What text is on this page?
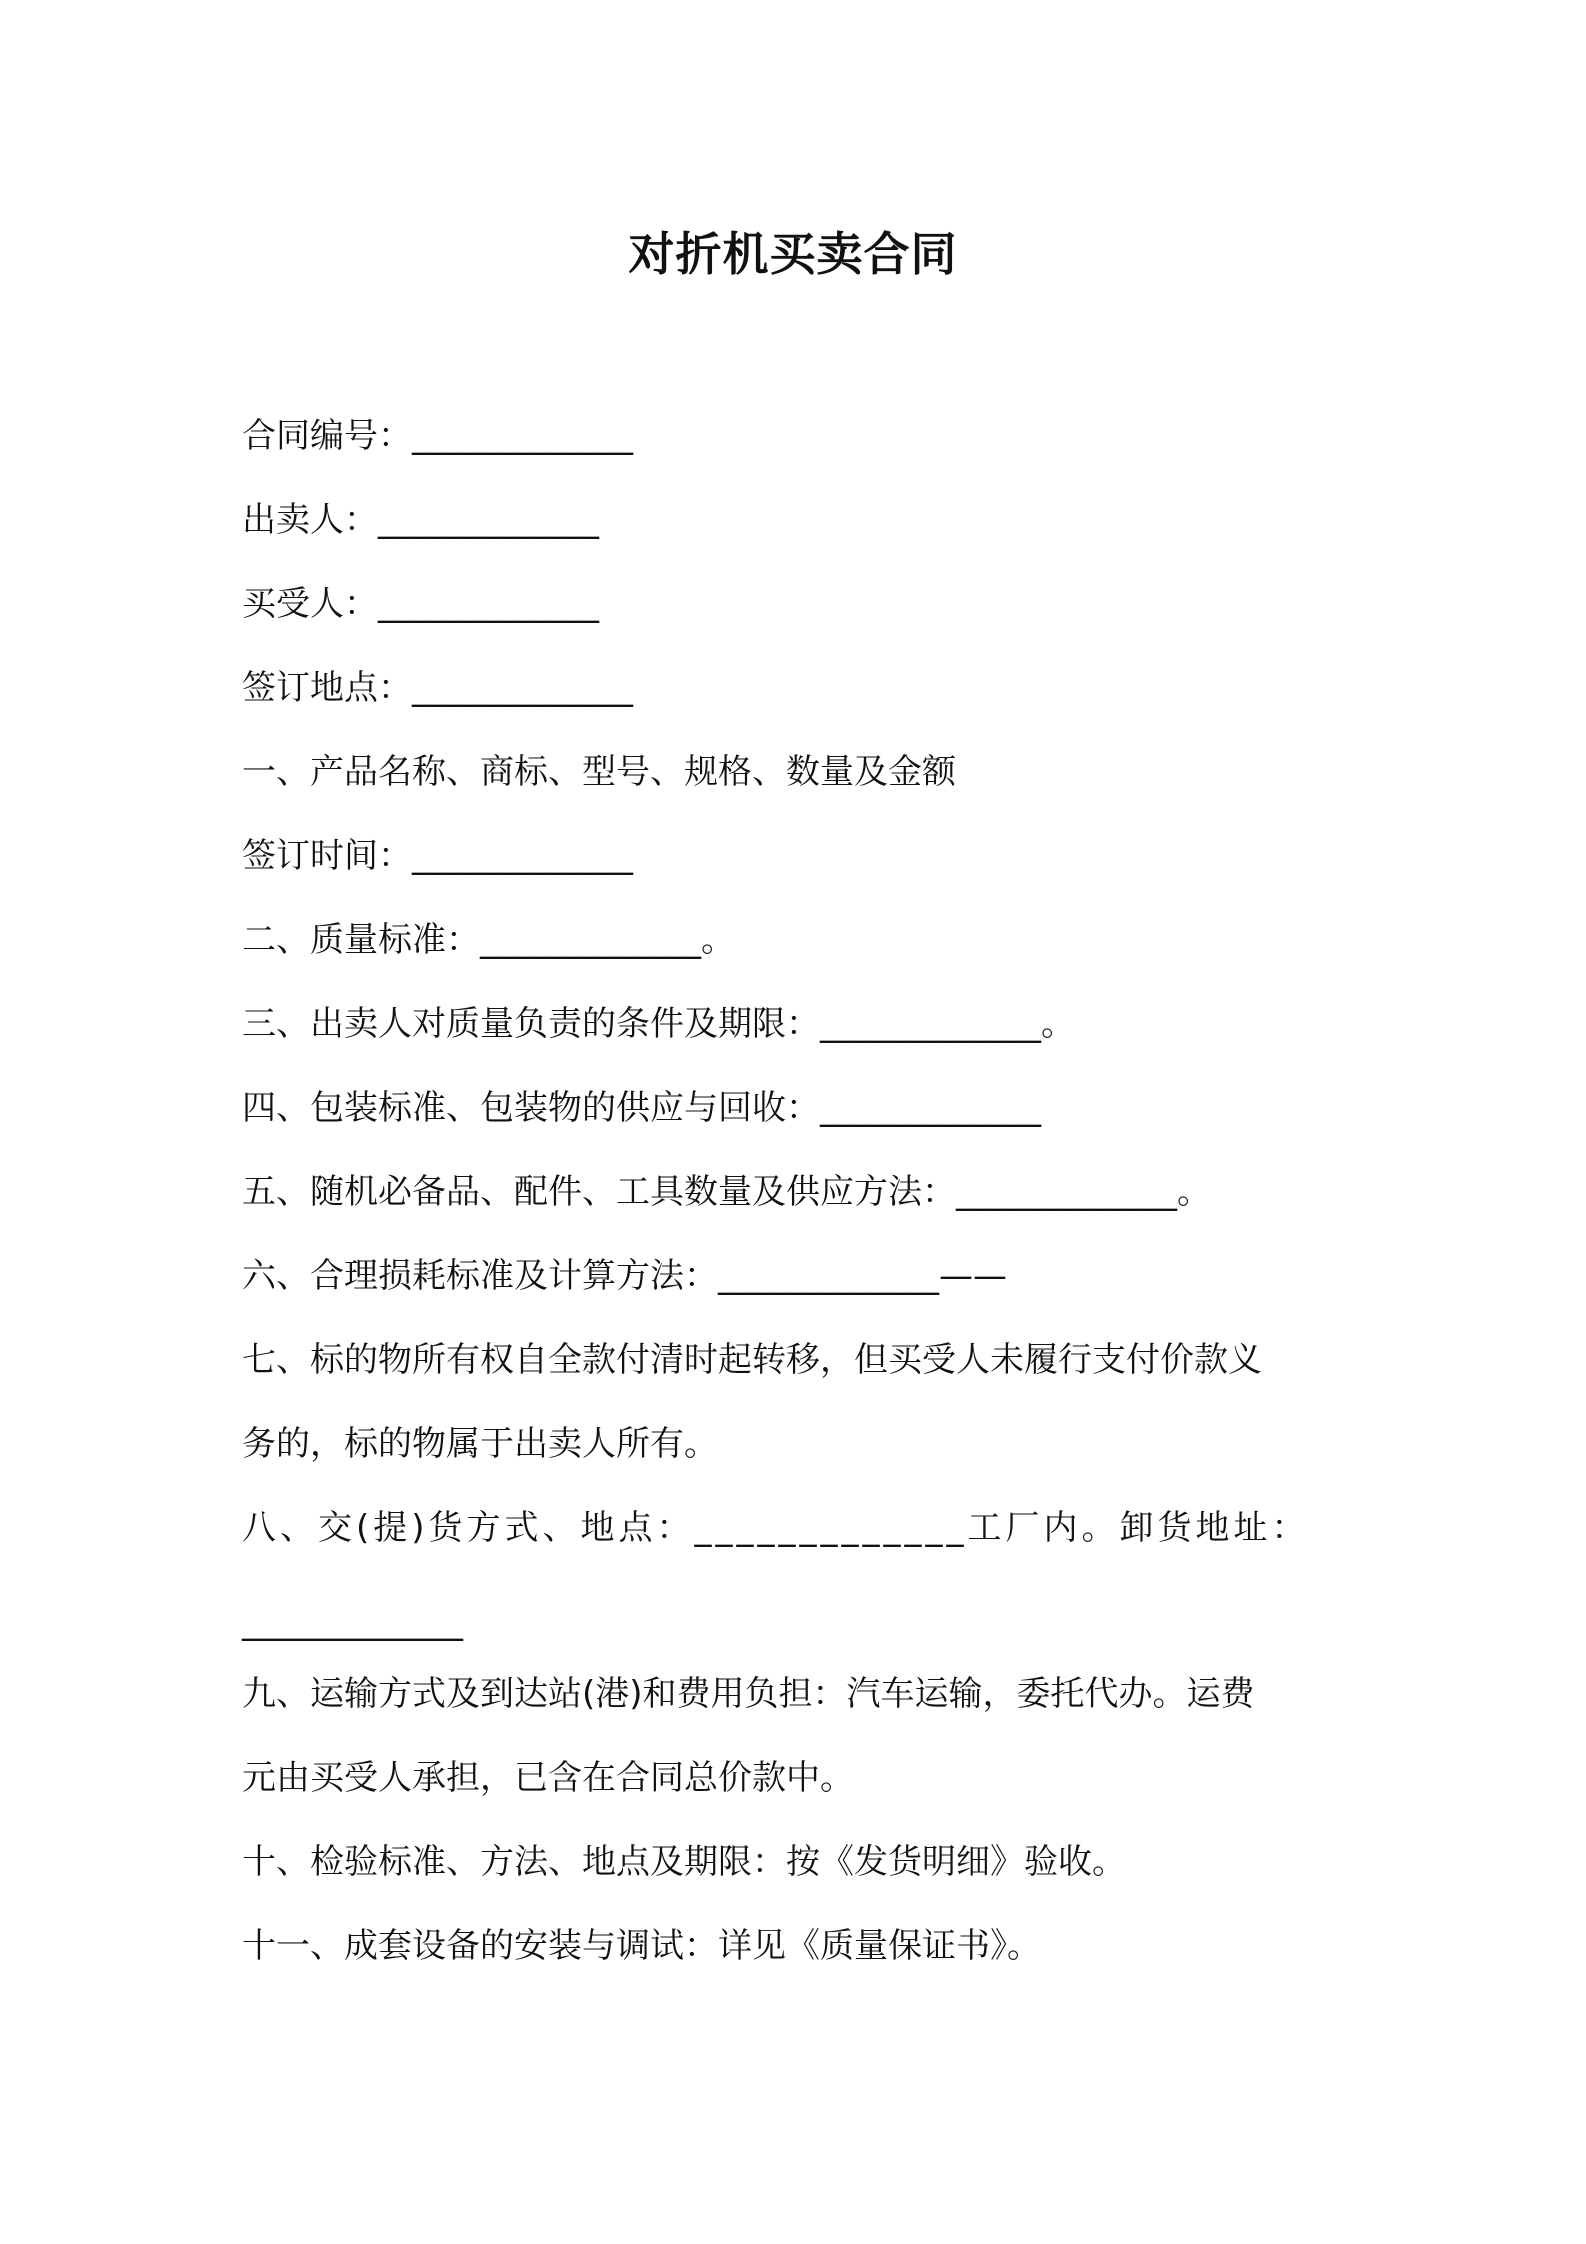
对折机买卖合同
合同编号：_____________
出卖人：_____________
买受人：_____________
签订地点：_____________
一、产品名称、商标、型号、规格、数量及金额
签订时间：_____________
二、质量标准：_____________。
三、出卖人对质量负责的条件及期限：_____________。
四、包装标准、包装物的供应与回收：_____________
五、随机必备品、配件、工具数量及供应方法：_____________。
六、合理损耗标准及计算方法：_____________——
七、标的物所有权自全款付清时起转移，但买受人未履行支付价款义
务的，标的物属于出卖人所有。
八、交(提)货方式、地点：_____________工厂内。卸货地址：
_____________
九、运输方式及到达站(港)和费用负担：汽车运输，委托代办。运费
元由买受人承担，已含在合同总价款中。
十、检验标准、方法、地点及期限：按《发货明细》验收。
十一、成套设备的安装与调试：详见《质量保证书》。
